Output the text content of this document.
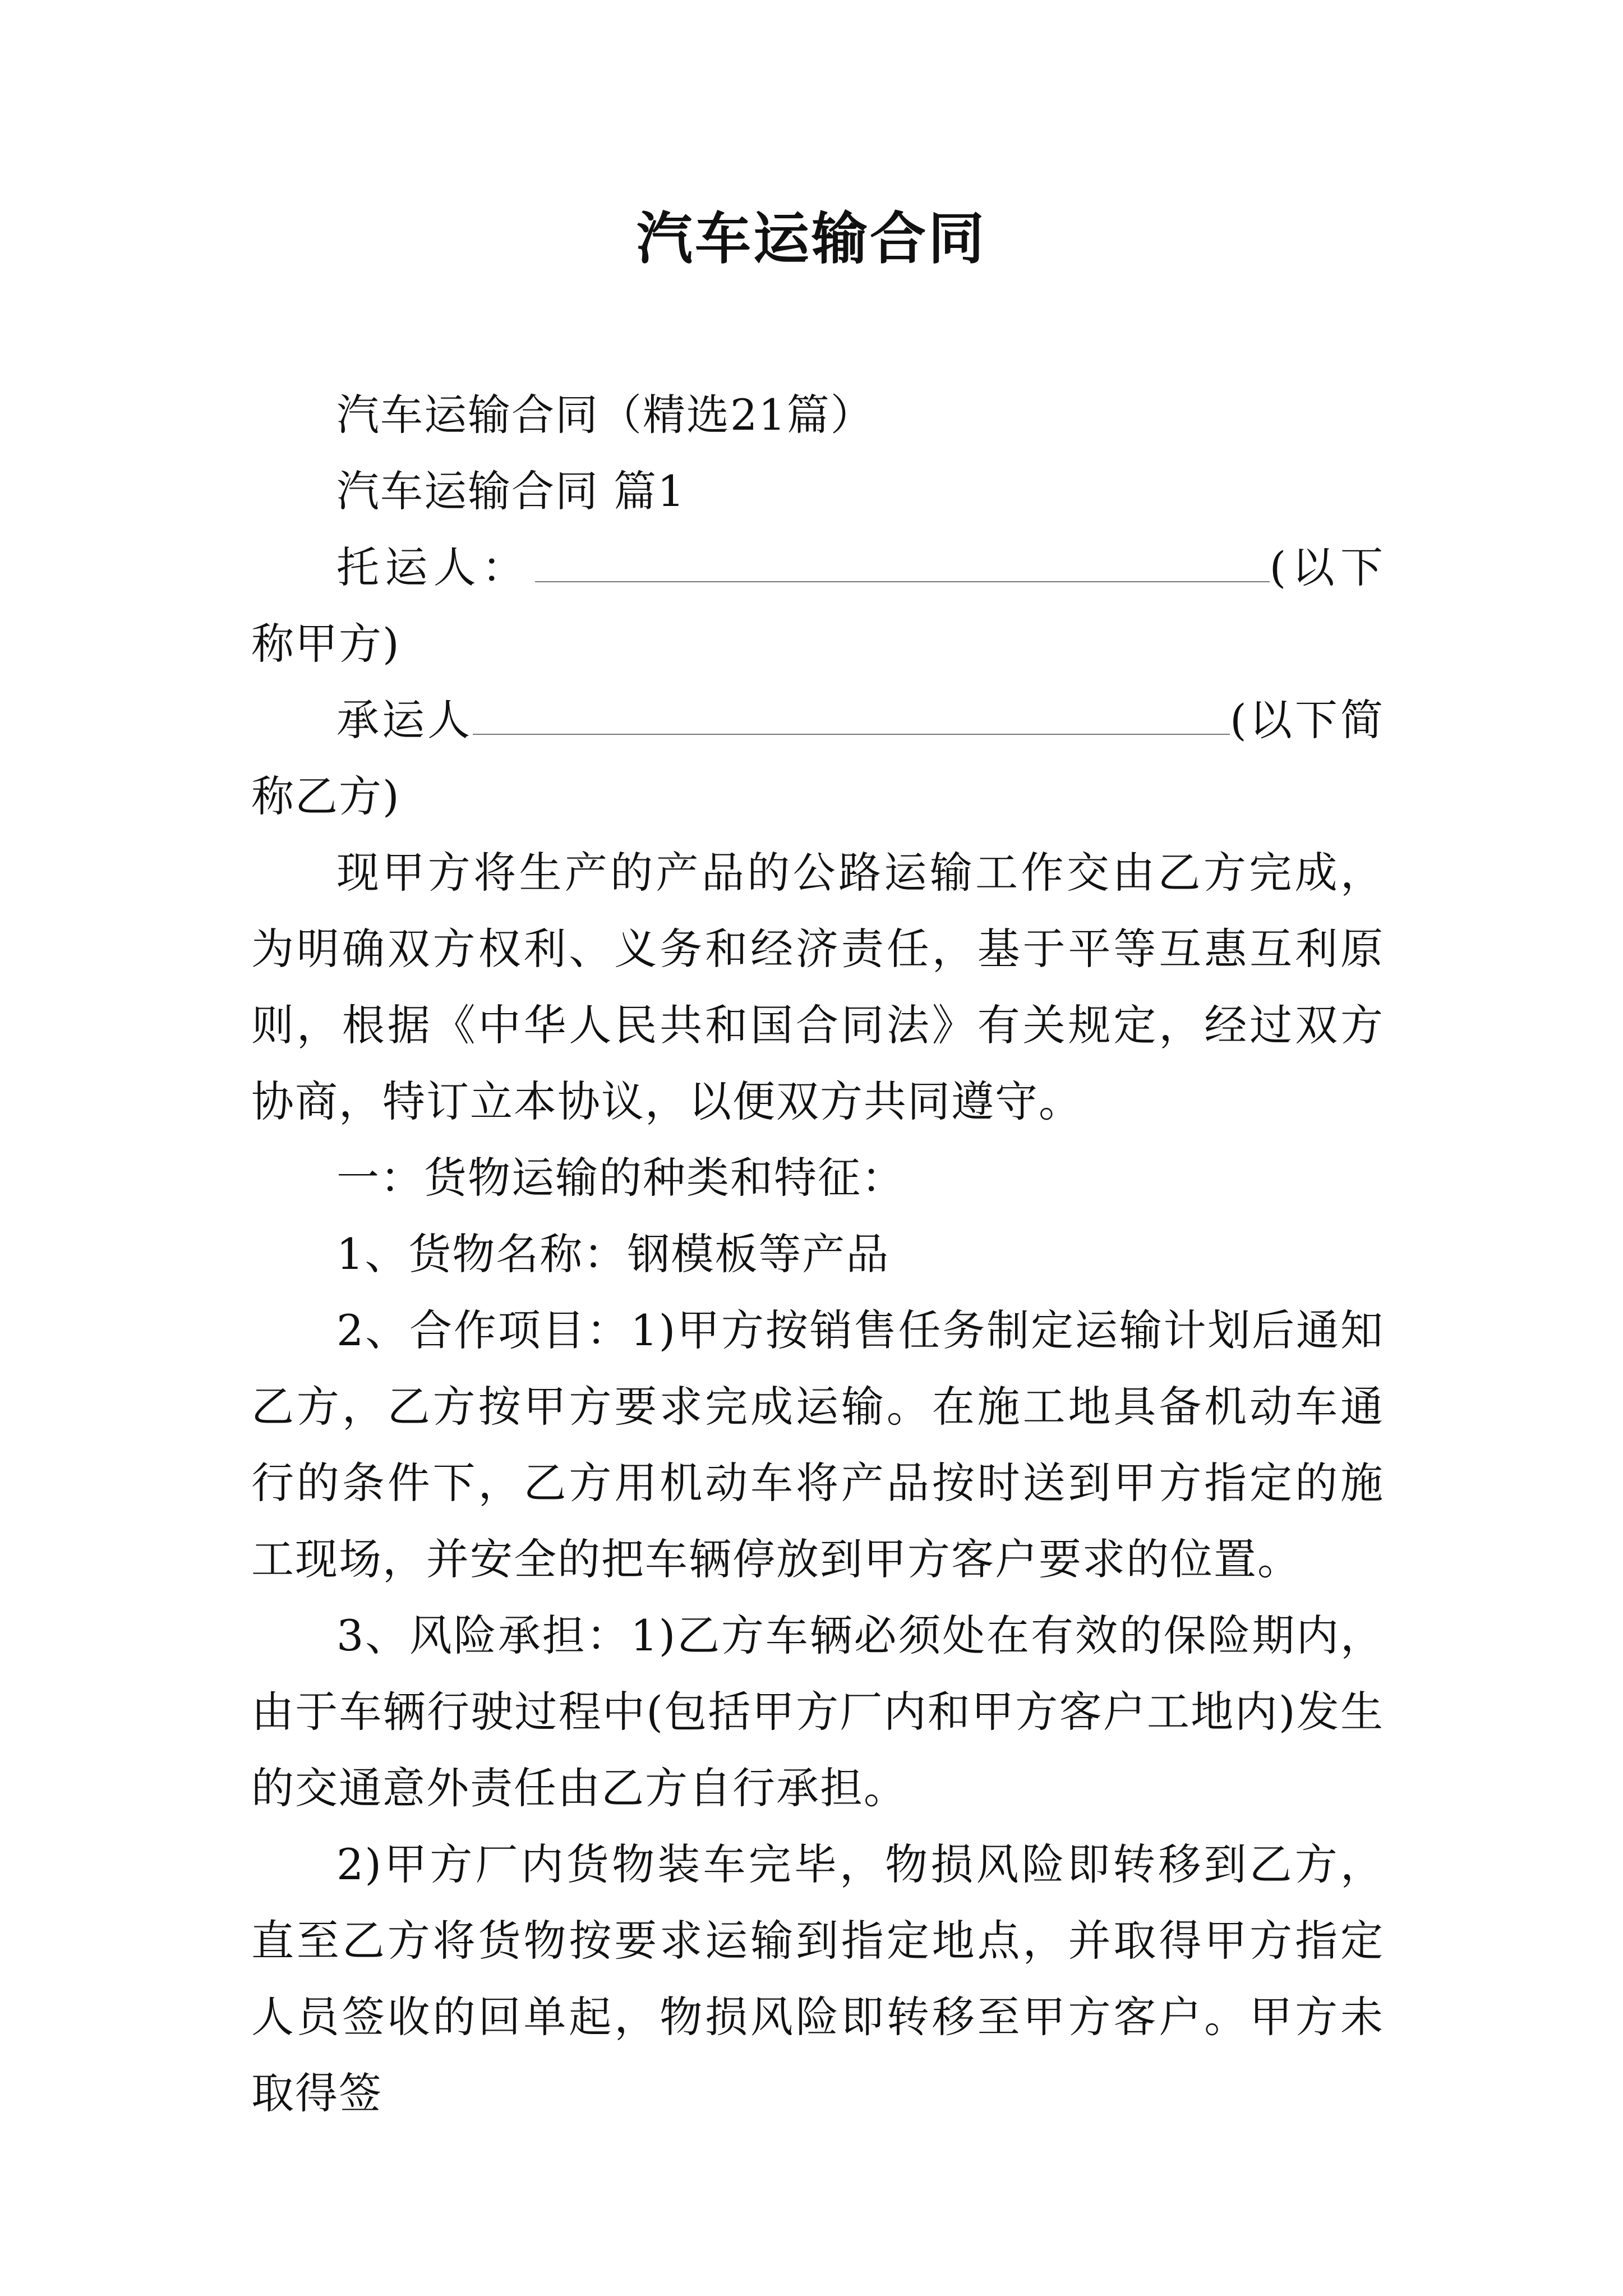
汽车运输合同

汽车运输合同（精选21篇）

汽车运输合同 篇1

托运人：	(以下称甲方)

承运人	(以下简称乙方)

现甲方将生产的产品的公路运输工作交由乙方完成，为明确双方权利、义务和经济责任，基于平等互惠互利原则，根据《中华人民共和国合同法》有关规定，经过双方协商，特订立本协议，以便双方共同遵守。

一：货物运输的种类和特征：

1、货物名称：钢模板等产品

2、合作项目：1)甲方按销售任务制定运输计划后通知乙方，乙方按甲方要求完成运输。在施工地具备机动车通行的条件下，乙方用机动车将产品按时送到甲方指定的施工现场，并安全的把车辆停放到甲方客户要求的位置。

3、风险承担：1)乙方车辆必须处在有效的保险期内，由于车辆行驶过程中(包括甲方厂内和甲方客户工地内)发生的交通意外责任由乙方自行承担。

2)甲方厂内货物装车完毕，物损风险即转移到乙方，直至乙方将货物按要求运输到指定地点，并取得甲方指定人员签收的回单起，物损风险即转移至甲方客户。甲方未取得签
